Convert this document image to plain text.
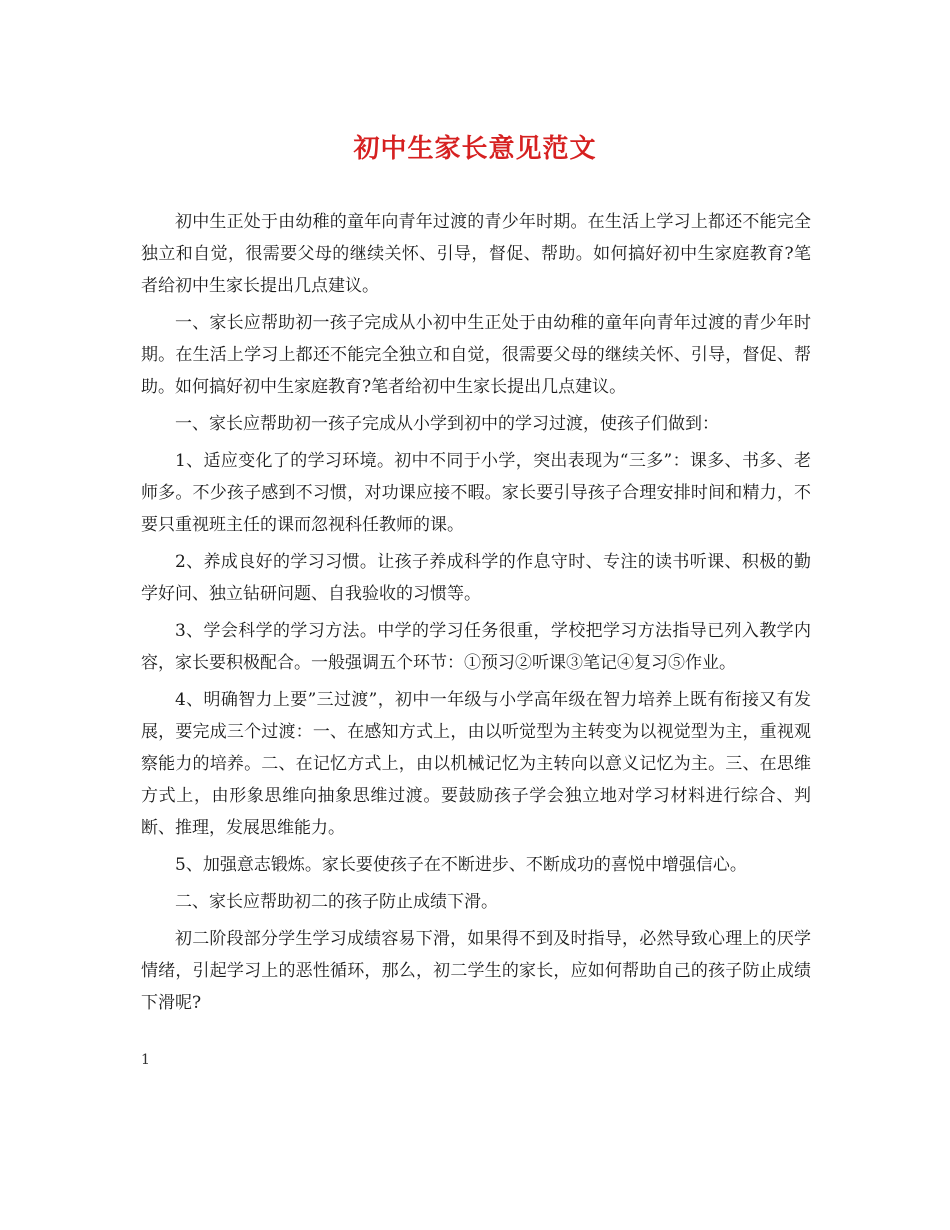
初中生家长意见范文

初中生正处于由幼稚的童年向青年过渡的青少年时期。在生活上学习上都还不能完全独立和自觉，很需要父母的继续关怀、引导，督促、帮助。如何搞好初中生家庭教育?笔者给初中生家长提出几点建议。

一、家长应帮助初一孩子完成从小初中生正处于由幼稚的童年向青年过渡的青少年时期。在生活上学习上都还不能完全独立和自觉，很需要父母的继续关怀、引导，督促、帮助。如何搞好初中生家庭教育?笔者给初中生家长提出几点建议。

一、家长应帮助初一孩子完成从小学到初中的学习过渡，使孩子们做到：

1、适应变化了的学习环境。初中不同于小学，突出表现为“三多”：课多、书多、老师多。不少孩子感到不习惯，对功课应接不暇。家长要引导孩子合理安排时间和精力，不要只重视班主任的课而忽视科任教师的课。

2、养成良好的学习习惯。让孩子养成科学的作息守时、专注的读书听课、积极的勤学好问、独立钻研问题、自我验收的习惯等。

3、学会科学的学习方法。中学的学习任务很重，学校把学习方法指导已列入教学内容，家长要积极配合。一般强调五个环节：①预习②听课③笔记④复习⑤作业。

4、明确智力上要”三过渡”，初中一年级与小学高年级在智力培养上既有衔接又有发展，要完成三个过渡：一、在感知方式上，由以听觉型为主转变为以视觉型为主，重视观察能力的培养。二、在记忆方式上，由以机械记忆为主转向以意义记忆为主。三、在思维方式上，由形象思维向抽象思维过渡。要鼓励孩子学会独立地对学习材料进行综合、判断、推理，发展思维能力。

5、加强意志锻炼。家长要使孩子在不断进步、不断成功的喜悦中增强信心。

二、家长应帮助初二的孩子防止成绩下滑。

初二阶段部分学生学习成绩容易下滑，如果得不到及时指导，必然导致心理上的厌学情绪，引起学习上的恶性循环，那么，初二学生的家长，应如何帮助自己的孩子防止成绩下滑呢?

1
